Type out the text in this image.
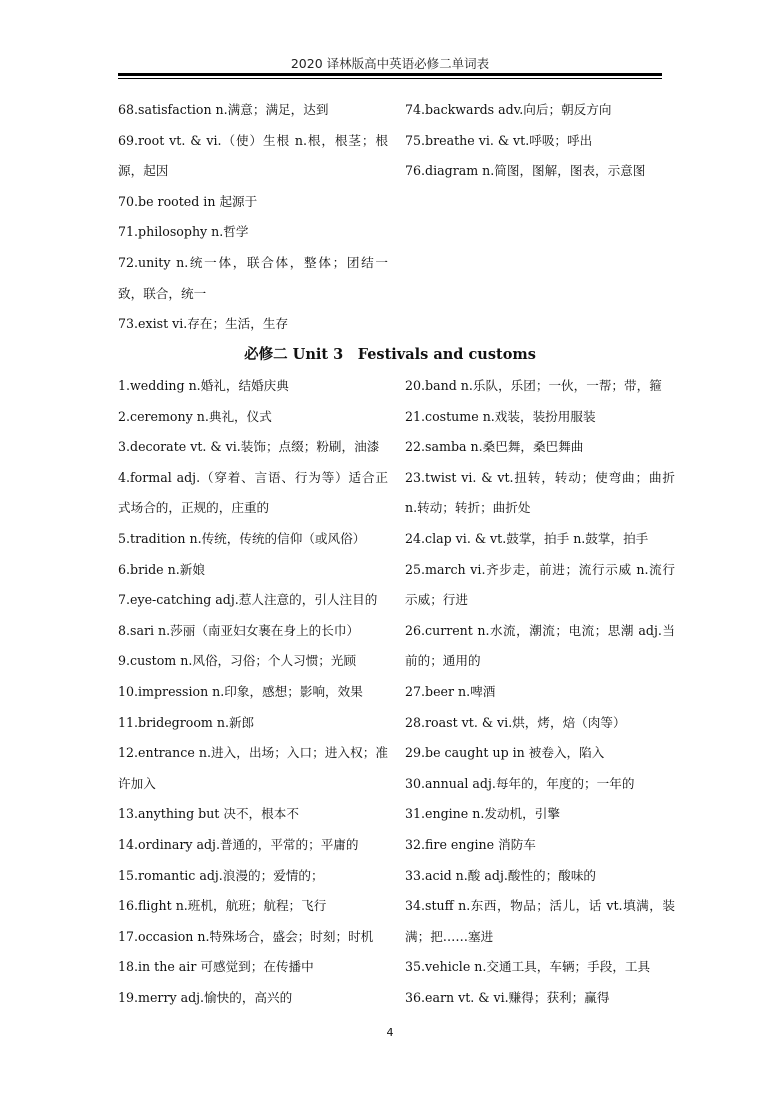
2020 译林版高中英语必修二单词表
68.satisfaction n.满意；满足，达到
69.root vt. & vi.（使）生根 n.根，根茎；根源，起因
70.be rooted in 起源于
71.philosophy n.哲学
72.unity n.统一体，联合体，整体；团结一致，联合，统一
73.exist vi.存在；生活，生存
74.backwards adv.向后；朝反方向
75.breathe vi. & vt.呼吸；呼出
76.diagram n.简图，图解，图表，示意图
必修二 Unit 3　Festivals and customs
1.wedding n.婚礼，结婚庆典
2.ceremony n.典礼，仪式
3.decorate vt. & vi.装饰；点缀；粉刷，油漆
4.formal adj.（穿着、言语、行为等）适合正式场合的，正规的，庄重的
5.tradition n.传统，传统的信仰（或风俗）
6.bride n.新娘
7.eye-catching adj.惹人注意的，引人注目的
8.sari n.莎丽（南亚妇女裹在身上的长巾）
9.custom n.风俗，习俗；个人习惯；光顾
10.impression n.印象，感想；影响，效果
11.bridegroom n.新郎
12.entrance n.进入，出场；入口；进入权；准许加入
13.anything but 决不，根本不
14.ordinary adj.普通的，平常的；平庸的
15.romantic adj.浪漫的；爱情的；
16.flight n.班机，航班；航程；飞行
17.occasion n.特殊场合，盛会；时刻；时机
18.in the air 可感觉到；在传播中
19.merry adj.愉快的，高兴的
20.band n.乐队，乐团；一伙，一帮；带，箍
21.costume n.戏装，装扮用服装
22.samba n.桑巴舞，桑巴舞曲
23.twist vi. & vt.扭转，转动；使弯曲；曲折 n.转动；转折；曲折处
24.clap vi. & vt.鼓掌，拍手 n.鼓掌，拍手
25.march vi.齐步走，前进；流行示威 n.流行示威；行进
26.current n.水流，潮流；电流；思潮 adj.当前的；通用的
27.beer n.啤酒
28.roast vt. & vi.烘，烤，焙（肉等）
29.be caught up in 被卷入，陷入
30.annual adj.每年的，年度的；一年的
31.engine n.发动机，引擎
32.fire engine 消防车
33.acid n.酸 adj.酸性的；酸味的
34.stuff n.东西，物品；活儿，话 vt.填满，装满；把……塞进
35.vehicle n.交通工具，车辆；手段，工具
36.earn vt. & vi.赚得；获利；赢得
4
